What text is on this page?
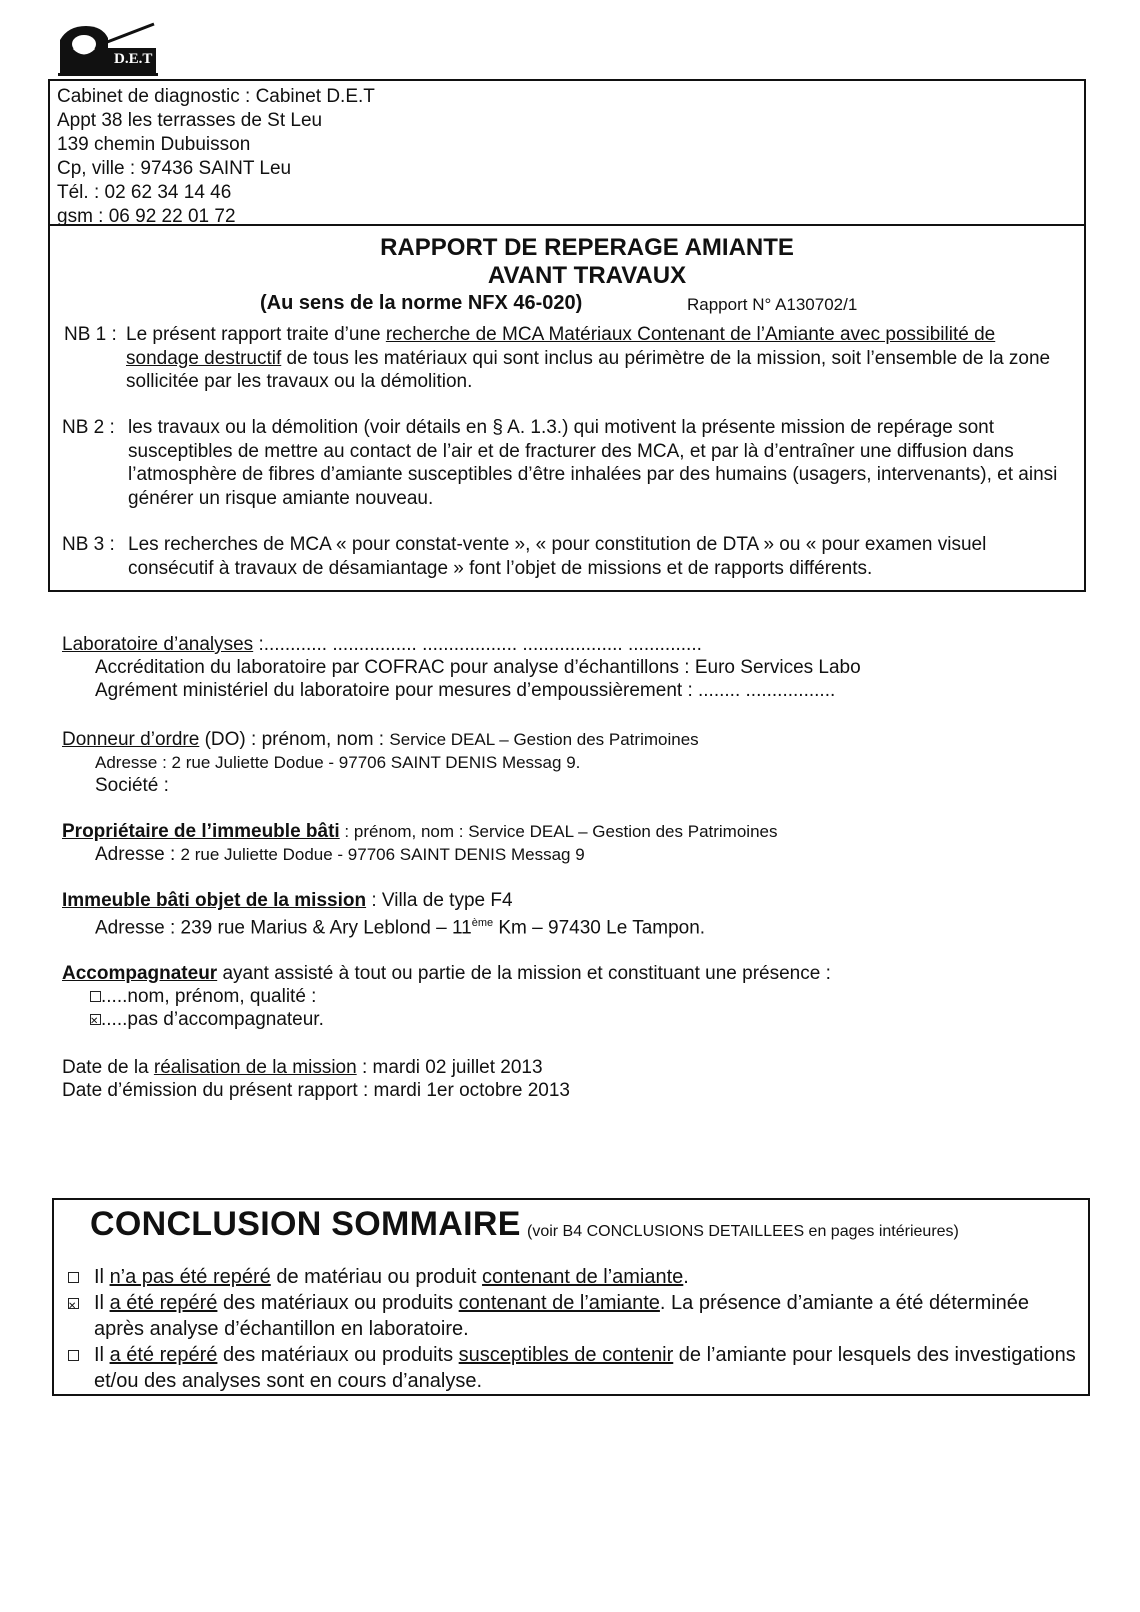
D.E.T
Cabinet de diagnostic : Cabinet D.E.T
Appt 38 les terrasses de St Leu
139 chemin Dubuisson
Cp, ville : 97436 SAINT Leu
Tél. : 02 62 34 14 46
gsm : 06 92 22 01 72
RAPPORT DE REPERAGE AMIANTE
AVANT TRAVAUX
(Au sens de la norme NFX 46-020)	Rapport N° A130702/1
NB 1 : Le présent rapport traite d’une recherche de MCA Matériaux Contenant de l’Amiante avec possibilité de sondage destructif de tous les matériaux qui sont inclus au périmètre de la mission, soit l’ensemble de la zone sollicitée par les travaux ou la démolition.
NB 2 : les travaux ou la démolition (voir détails en § A. 1.3.) qui motivent la présente mission de repérage sont susceptibles de mettre au contact de l’air et de fracturer des MCA, et par là d’entraîner une diffusion dans l’atmosphère de fibres d’amiante susceptibles d’être inhalées par des humains (usagers, intervenants), et ainsi générer un risque amiante nouveau.
NB 3 : Les recherches de MCA « pour constat-vente », « pour constitution de DTA » ou « pour examen visuel consécutif à travaux de désamiantage » font l’objet de missions et de rapports différents.
Laboratoire d’analyses :............ ................ .................. ................... ..............
Accréditation du laboratoire par COFRAC pour analyse d’échantillons : Euro Services Labo
Agrément ministériel du laboratoire pour mesures d’empoussièrement : ........ .................
Donneur d’ordre (DO) : prénom, nom : Service DEAL – Gestion des Patrimoines
Adresse : 2 rue Juliette Dodue - 97706 SAINT DENIS Messag 9.
Société :
Propriétaire de l’immeuble bâti : prénom, nom : Service DEAL – Gestion des Patrimoines
Adresse : 2 rue Juliette Dodue - 97706 SAINT DENIS Messag 9
Immeuble bâti objet de la mission : Villa de type F4
Adresse : 239 rue Marius & Ary Leblond – 11ème Km – 97430 Le Tampon.
Accompagnateur ayant assisté à tout ou partie de la mission et constituant une présence :
.....nom, prénom, qualité :
✕.....pas d’accompagnateur.
Date de la réalisation de la mission : mardi 02 juillet 2013
Date d’émission du présent rapport : mardi 1er octobre 2013
CONCLUSION SOMMAIRE (voir B4 CONCLUSIONS DETAILLEES en pages intérieures)
Il n’a pas été repéré de matériau ou produit contenant de l’amiante.
✕
Il a été repéré des matériaux ou produits contenant de l’amiante. La présence d’amiante a été déterminée après analyse d’échantillon en laboratoire.
Il a été repéré des matériaux ou produits susceptibles de contenir de l’amiante pour lesquels des investigations et/ou des analyses sont en cours d’analyse.
